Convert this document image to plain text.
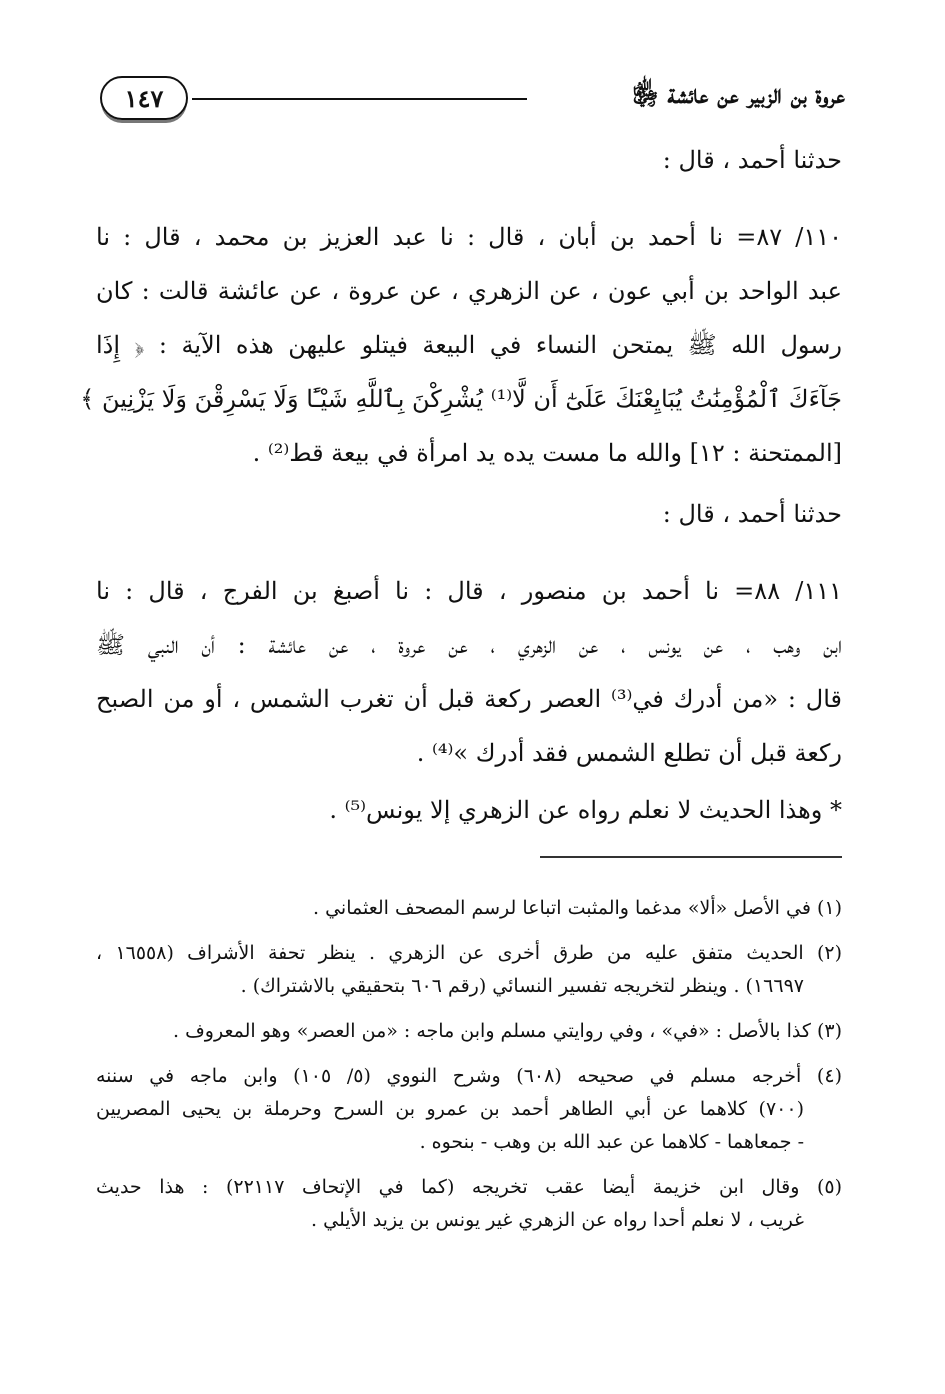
عروة بن الزبير عن عائشة ﵂
١٤٧
حدثنا أحمد ، قال :
١١٠/ ٨٧= نا أحمد بن أبان ، قال : نا عبد العزيز بن محمد ، قال : نا
عبد الواحد بن أبي عون ، عن الزهري ، عن عروة ، عن عائشة قالت : كان
رسول الله ﷺ يمتحن النساء في البيعة فيتلو عليهن هذه الآية : ﴿ إِذَا
جَآءَكَ ٱلْمُؤْمِنَٰتُ يُبَايِعْنَكَ عَلَىٰٓ أَن لَّا⁽¹⁾ يُشْرِكْنَ بِٱللَّهِ شَيْـًٔا وَلَا يَسْرِقْنَ وَلَا يَزْنِينَ ﴾
[الممتحنة : ١٢] والله ما مست يده يد امرأة في بيعة قط⁽²⁾ .
حدثنا أحمد ، قال :
١١١/ ٨٨= نا أحمد بن منصور ، قال : نا أصبغ بن الفرج ، قال : نا
ابن وهب ، عن يونس ، عن الزهري ، عن عروة ، عن عائشة : أن النبي ﷺ
قال : «من أدرك في⁽³⁾ العصر ركعة قبل أن تغرب الشمس ، أو من الصبح
ركعة قبل أن تطلع الشمس فقد أدرك »⁽⁴⁾ .
* وهذا الحديث لا نعلم رواه عن الزهري إلا يونس⁽⁵⁾ .
(١) في الأصل «ألا» مدغما والمثبت اتباعا لرسم المصحف العثماني .
(٢) الحديث متفق عليه من طرق أخرى عن الزهري . ينظر تحفة الأشراف (١٦٥٥٨ ،
١٦٦٩٧) . وينظر لتخريجه تفسير النسائي (رقم ٦٠٦ بتحقيقي بالاشتراك) .
(٣) كذا بالأصل : «في» ، وفي روايتي مسلم وابن ماجه : «من العصر» وهو المعروف .
(٤) أخرجه مسلم في صحيحه (٦٠٨) وشرح النووي (٥/ ١٠٥) وابن ماجه في سننه
(٧٠٠) كلاهما عن أبي الطاهر أحمد بن عمرو بن السرح وحرملة بن يحيى المصريين
- جمعاهما - كلاهما عن عبد الله بن وهب - بنحوه .
(٥) وقال ابن خزيمة أيضا عقب تخريجه (كما في الإتحاف ٢٢١١٧) : هذا حديث
غريب ، لا نعلم أحدا رواه عن الزهري غير يونس بن يزيد الأيلي .
